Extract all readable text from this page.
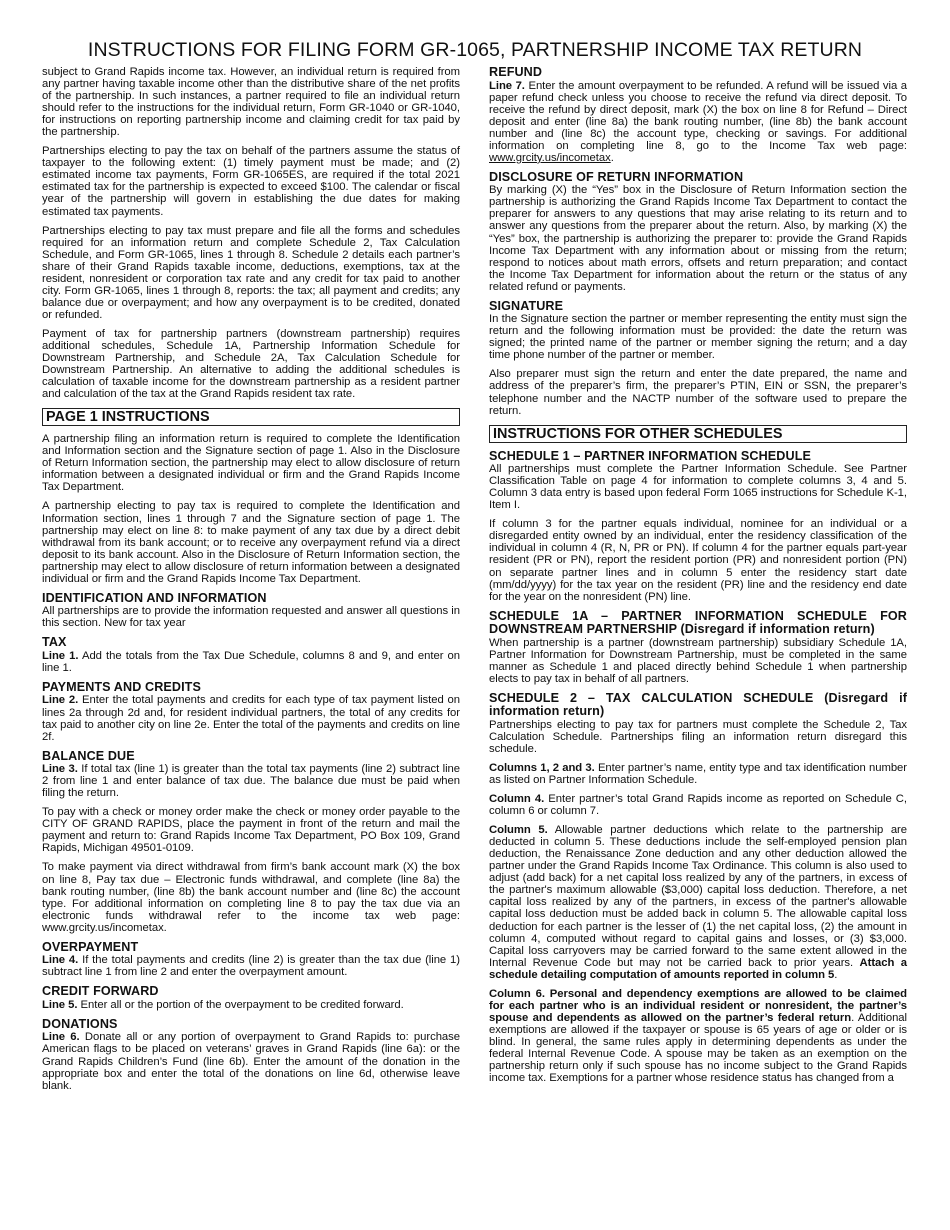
INSTRUCTIONS FOR FILING FORM GR-1065, PARTNERSHIP INCOME TAX RETURN

subject to Grand Rapids income tax. However, an individual return is required from any partner having taxable income other than the distributive share of the net profits of the partnership. In such instances, a partner required to file an individual return should refer to the instructions for the individual return, Form GR-1040 or GR-1040, for instructions on reporting partnership income and claiming credit for tax paid by the partnership.

Partnerships electing to pay the tax on behalf of the partners assume the status of taxpayer to the following extent: (1) timely payment must be made; and (2) estimated income tax payments, Form GR-1065ES, are required if the total 2021 estimated tax for the partnership is expected to exceed $100. The calendar or fiscal year of the partnership will govern in establishing the due dates for making estimated tax payments.

Partnerships electing to pay tax must prepare and file all the forms and schedules required for an information return and complete Schedule 2, Tax Calculation Schedule, and Form GR-1065, lines 1 through 8. Schedule 2 details each partner’s share of their Grand Rapids taxable income, deductions, exemptions, tax at the resident, nonresident or corporation tax rate and any credit for tax paid to another city. Form GR-1065, lines 1 through 8, reports: the tax; all payment and credits; any balance due or overpayment; and how any overpayment is to be credited, donated or refunded.

Payment of tax for partnership partners (downstream partnership) requires additional schedules, Schedule 1A, Partnership Information Schedule for Downstream Partnership, and Schedule 2A, Tax Calculation Schedule for Downstream Partnership. An alternative to adding the additional schedules is calculation of taxable income for the downstream partnership as a resident partner and calculation of the tax at the Grand Rapids resident tax rate.

PAGE 1 INSTRUCTIONS

A partnership filing an information return is required to complete the Identification and Information section and the Signature section of page 1. Also in the Disclosure of Return Information section, the partnership may elect to allow disclosure of return information between a designated individual or firm and the Grand Rapids Income Tax Department.

A partnership electing to pay tax is required to complete the Identification and Information section, lines 1 through 7 and the Signature section of page 1. The partnership may elect on line 8: to make payment of any tax due by a direct debit withdrawal from its bank account; or to receive any overpayment refund via a direct deposit to its bank account. Also in the Disclosure of Return Information section, the partnership may elect to allow disclosure of return information between a designated individual or firm and the Grand Rapids Income Tax Department.

IDENTIFICATION AND INFORMATION

All partnerships are to provide the information requested and answer all questions in this section. New for tax year

TAX

Line 1. Add the totals from the Tax Due Schedule, columns 8 and 9, and enter on line 1.

PAYMENTS AND CREDITS

Line 2. Enter the total payments and credits for each type of tax payment listed on lines 2a through 2d and, for resident individual partners, the total of any credits for tax paid to another city on line 2e. Enter the total of the payments and credits on line 2f.

BALANCE DUE

Line 3. If total tax (line 1) is greater than the total tax payments (line 2) subtract line 2 from line 1 and enter balance of tax due. The balance due must be paid when filing the return.

To pay with a check or money order make the check or money order payable to the CITY OF GRAND RAPIDS, place the payment in front of the return and mail the payment and return to: Grand Rapids Income Tax Department, PO Box 109, Grand Rapids, Michigan 49501-0109.

To make payment via direct withdrawal from firm’s bank account mark (X) the box on line 8, Pay tax due – Electronic funds withdrawal, and complete (line 8a) the bank routing number, (line 8b) the bank account number and (line 8c) the account type. For additional information on completing line 8 to pay the tax due via an electronic funds withdrawal refer to the income tax web page: www.grcity.us/incometax.

OVERPAYMENT

Line 4. If the total payments and credits (line 2) is greater than the tax due (line 1) subtract line 1 from line 2 and enter the overpayment amount.

CREDIT FORWARD

Line 5. Enter all or the portion of the overpayment to be credited forward.

DONATIONS

Line 6. Donate all or any portion of overpayment to Grand Rapids to: purchase American flags to be placed on veterans’ graves in Grand Rapids (line 6a): or the Grand Rapids Children’s Fund (line 6b). Enter the amount of the donation in the appropriate box and enter the total of the donations on line 6d, otherwise leave blank.

REFUND

Line 7. Enter the amount overpayment to be refunded. A refund will be issued via a paper refund check unless you choose to receive the refund via direct deposit. To receive the refund by direct deposit, mark (X) the box on line 8 for Refund – Direct deposit and enter (line 8a) the bank routing number, (line 8b) the bank account number and (line 8c) the account type, checking or savings. For additional information on completing line 8, go to the Income Tax web page: www.grcity.us/incometax.

DISCLOSURE OF RETURN INFORMATION

By marking (X) the “Yes” box in the Disclosure of Return Information section the partnership is authorizing the Grand Rapids Income Tax Department to contact the preparer for answers to any questions that may arise relating to its return and to answer any questions from the preparer about the return. Also, by marking (X) the “Yes” box, the partnership is authorizing the preparer to: provide the Grand Rapids Income Tax Department with any information about or missing from the return; respond to notices about math errors, offsets and return preparation; and contact the Income Tax Department for information about the return or the status of any related refund or payments.

SIGNATURE

In the Signature section the partner or member representing the entity must sign the return and the following information must be provided: the date the return was signed; the printed name of the partner or member signing the return; and a day time phone number of the partner or member.

Also preparer must sign the return and enter the date prepared, the name and address of the preparer’s firm, the preparer’s PTIN, EIN or SSN, the preparer’s telephone number and the NACTP number of the software used to prepare the return.

INSTRUCTIONS FOR OTHER SCHEDULES
SCHEDULE 1 – PARTNER INFORMATION SCHEDULE

All partnerships must complete the Partner Information Schedule. See Partner Classification Table on page 4 for information to complete columns 3, 4 and 5. Column 3 data entry is based upon federal Form 1065 instructions for Schedule K-1, Item I.

If column 3 for the partner equals individual, nominee for an individual or a disregarded entity owned by an individual, enter the residency classification of the individual in column 4 (R, N, PR or PN). If column 4 for the partner equals part-year resident (PR or PN), report the resident portion (PR) and nonresident portion (PN) on separate partner lines and in column 5 enter the residency start date (mm/dd/yyyy) for the tax year on the resident (PR) line and the residency end date for the year on the nonresident (PN) line.

SCHEDULE 1A – PARTNER INFORMATION SCHEDULE FOR DOWNSTREAM PARTNERSHIP (Disregard if information return)

When partnership is a partner (downstream partnership) subsidiary Schedule 1A, Partner Information for Downstream Partnership, must be completed in the same manner as Schedule 1 and placed directly behind Schedule 1 when partnership elects to pay tax in behalf of all partners.

SCHEDULE 2 – TAX CALCULATION SCHEDULE (Disregard if information return)

Partnerships electing to pay tax for partners must complete the Schedule 2, Tax Calculation Schedule. Partnerships filing an information return disregard this schedule.

Columns 1, 2 and 3. Enter partner’s name, entity type and tax identification number as listed on Partner Information Schedule.

Column 4. Enter partner’s total Grand Rapids income as reported on Schedule C, column 6 or column 7.

Column 5. Allowable partner deductions which relate to the partnership are deducted in column 5. These deductions include the self-employed pension plan deduction, the Renaissance Zone deduction and any other deduction allowed the partner under the Grand Rapids Income Tax Ordinance. This column is also used to adjust (add back) for a net capital loss realized by any of the partners, in excess of the partner's maximum allowable ($3,000) capital loss deduction. Therefore, a net capital loss realized by any of the partners, in excess of the partner's allowable capital loss deduction must be added back in column 5. The allowable capital loss deduction for each partner is the lesser of (1) the net capital loss, (2) the amount in column 4, computed without regard to capital gains and losses, or (3) $3,000. Capital loss carryovers may be carried forward to the same extent allowed in the Internal Revenue Code but may not be carried back to prior years. Attach a schedule detailing computation of amounts reported in column 5.

Column 6. Personal and dependency exemptions are allowed to be claimed for each partner who is an individual resident or nonresident, the partner’s spouse and dependents as allowed on the partner’s federal return. Additional exemptions are allowed if the taxpayer or spouse is 65 years of age or older or is blind. In general, the same rules apply in determining dependents as under the federal Internal Revenue Code. A spouse may be taken as an exemption on the partnership return only if such spouse has no income subject to the Grand Rapids income tax. Exemptions for a partner whose residence status has changed from a
